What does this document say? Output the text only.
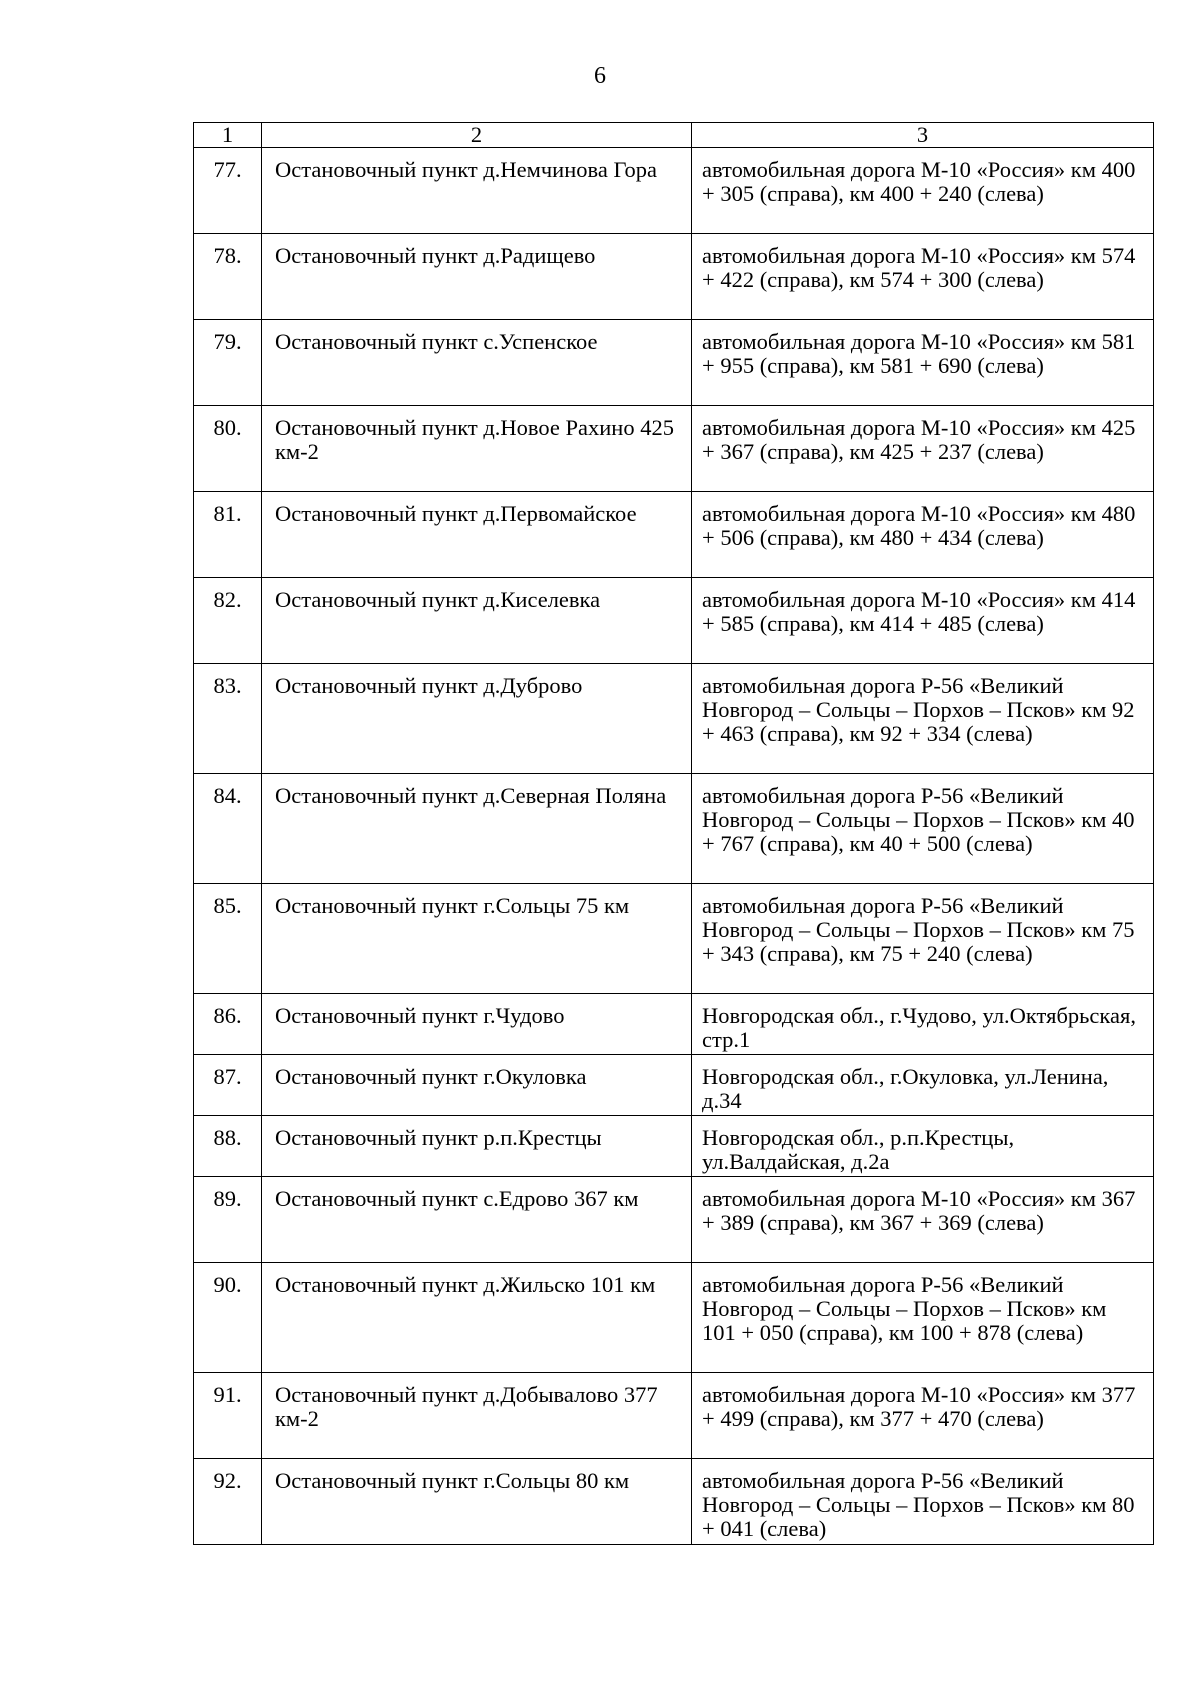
6
1	2	3
77.	Остановочный пункт д.Немчинова Гора	автомобильная дорога М-10 «Россия» км 400 + 305 (справа), км 400 + 240 (слева)

78.	Остановочный пункт д.Радищево	автомобильная дорога М-10 «Россия» км 574 + 422 (справа), км 574 + 300 (слева)

79.	Остановочный пункт с.Успенское	автомобильная дорога М-10 «Россия» км 581 + 955 (справа), км 581 + 690 (слева)

80.	Остановочный пункт д.Новое Рахино 425 км-2	автомобильная дорога М-10 «Россия» км 425 + 367 (справа), км 425 + 237 (слева)

81.	Остановочный пункт д.Первомайское	автомобильная дорога М-10 «Россия» км 480 + 506 (справа), км 480 + 434 (слева)

82.	Остановочный пункт д.Киселевка	автомобильная дорога М-10 «Россия» км 414 + 585 (справа), км 414 + 485 (слева)

83.	Остановочный пункт д.Дуброво	автомобильная дорога Р-56 «Великий Новгород – Сольцы – Порхов – Псков» км 92 + 463 (справа), км 92 + 334 (слева)

84.	Остановочный пункт д.Северная Поляна	автомобильная дорога Р-56 «Великий Новгород – Сольцы – Порхов – Псков» км 40 + 767 (справа), км 40 + 500 (слева)

85.	Остановочный пункт г.Сольцы 75 км	автомобильная дорога Р-56 «Великий Новгород – Сольцы – Порхов – Псков» км 75 + 343 (справа), км 75 + 240 (слева)

86.	Остановочный пункт г.Чудово	Новгородская обл., г.Чудово, ул.Октябрьская, стр.1

87.	Остановочный пункт г.Окуловка	Новгородская обл., г.Окуловка, ул.Ленина, д.34

88.	Остановочный пункт р.п.Крестцы	Новгородская обл., р.п.Крестцы, ул.Валдайская, д.2а

89.	Остановочный пункт с.Едрово 367 км	автомобильная дорога М-10 «Россия» км 367 + 389 (справа), км 367 + 369 (слева)

90.	Остановочный пункт д.Жильско 101 км	автомобильная дорога Р-56 «Великий Новгород – Сольцы – Порхов – Псков» км 101 + 050 (справа), км 100 + 878 (слева)

91.	Остановочный пункт д.Добывалово 377 км-2	автомобильная дорога М-10 «Россия» км 377 + 499 (справа), км 377 + 470 (слева)

92.	Остановочный пункт г.Сольцы 80 км	автомобильная дорога Р-56 «Великий Новгород – Сольцы – Порхов – Псков» км 80 + 041 (слева)
